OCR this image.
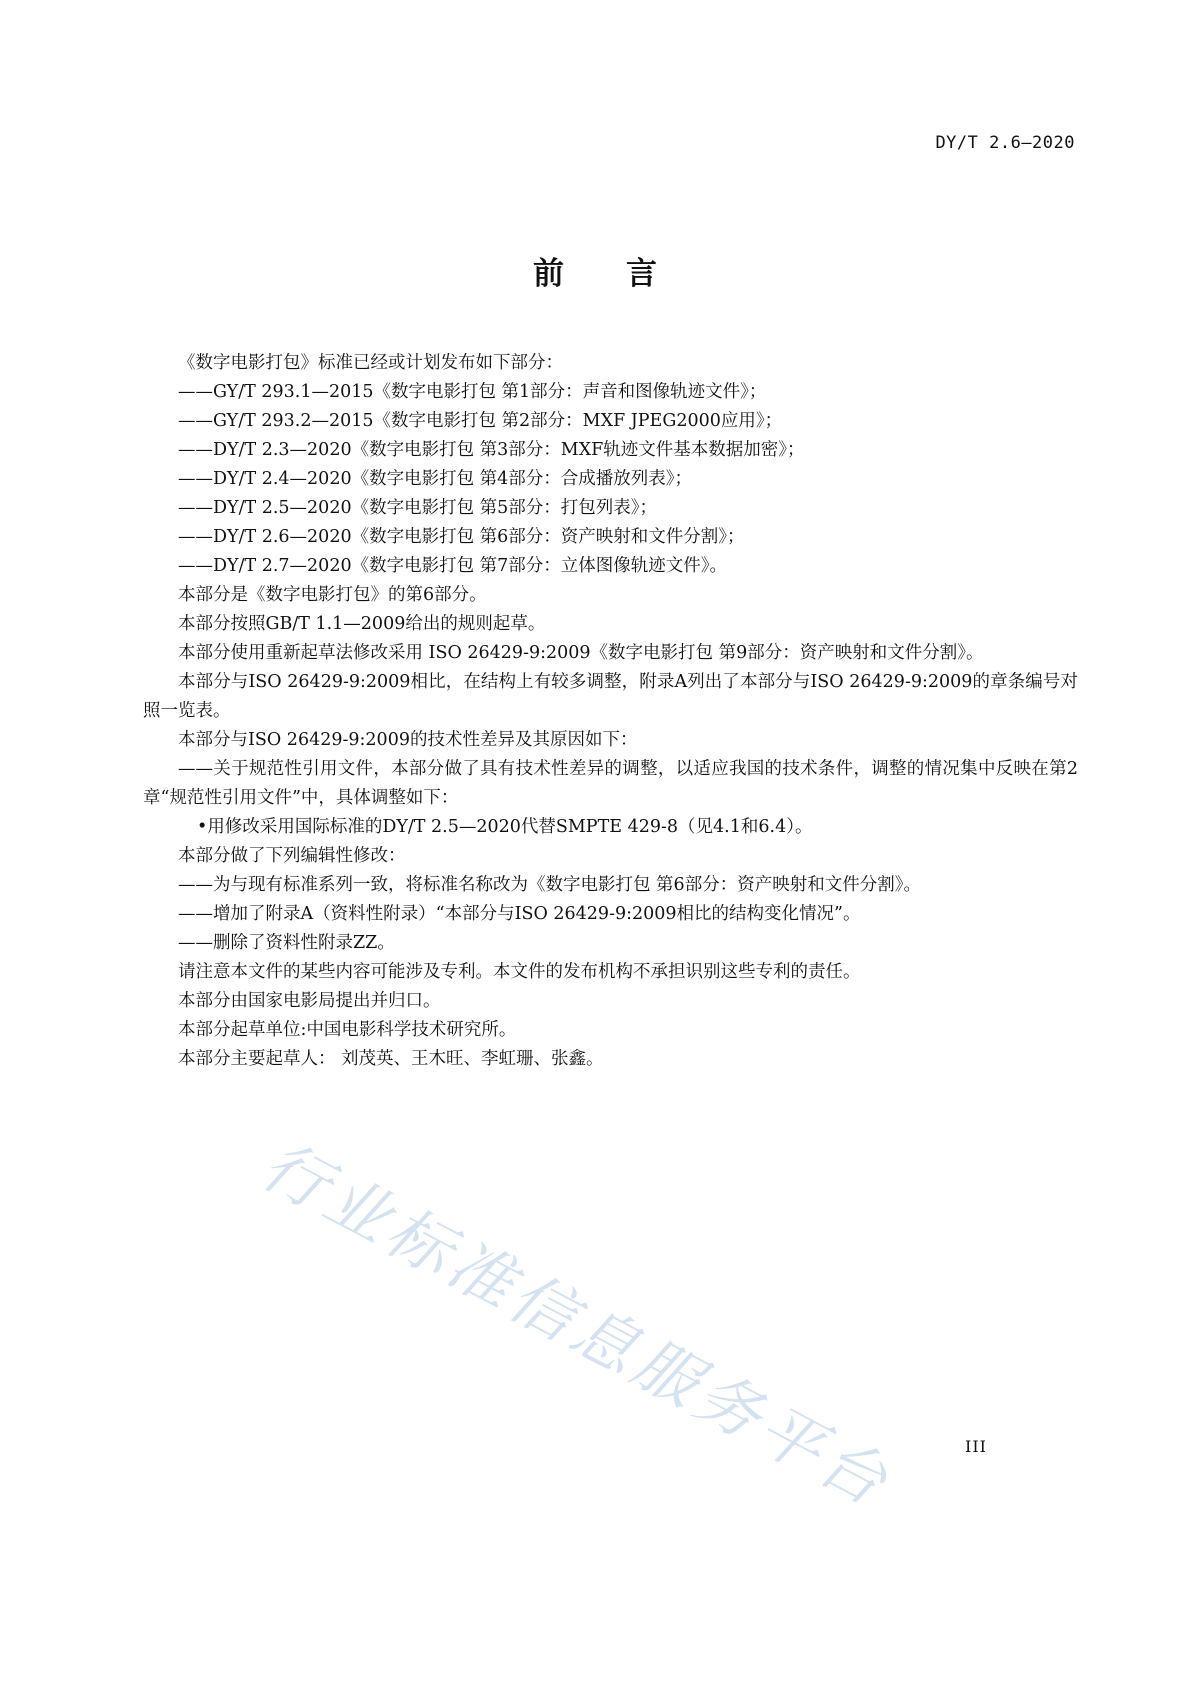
DY/T 2.6—2020
前　　言

《数字电影打包》标准已经或计划发布如下部分：

——GY/T 293.1—2015《数字电影打包 第1部分：声音和图像轨迹文件》；

——GY/T 293.2—2015《数字电影打包 第2部分：MXF JPEG2000应用》；

——DY/T 2.3—2020《数字电影打包 第3部分：MXF轨迹文件基本数据加密》；

——DY/T 2.4—2020《数字电影打包 第4部分：合成播放列表》；

——DY/T 2.5—2020《数字电影打包 第5部分：打包列表》；

——DY/T 2.6—2020《数字电影打包 第6部分：资产映射和文件分割》；

——DY/T 2.7—2020《数字电影打包 第7部分：立体图像轨迹文件》。

本部分是《数字电影打包》的第6部分。

本部分按照GB/T 1.1—2009给出的规则起草。

本部分使用重新起草法修改采用 ISO 26429-9:2009《数字电影打包 第9部分：资产映射和文件分割》。

本部分与ISO 26429-9:2009相比，在结构上有较多调整，附录A列出了本部分与ISO 26429-9:2009的章条编号对照一览表。

本部分与ISO 26429-9:2009的技术性差异及其原因如下：

——关于规范性引用文件，本部分做了具有技术性差异的调整，以适应我国的技术条件，调整的情况集中反映在第2章“规范性引用文件”中，具体调整如下：

•用修改采用国际标准的DY/T 2.5—2020代替SMPTE 429-8（见4.1和6.4）。

本部分做了下列编辑性修改：

——为与现有标准系列一致，将标准名称改为《数字电影打包 第6部分：资产映射和文件分割》。

——增加了附录A（资料性附录）“本部分与ISO 26429-9:2009相比的结构变化情况”。

——删除了资料性附录ZZ。

请注意本文件的某些内容可能涉及专利。本文件的发布机构不承担识别这些专利的责任。

本部分由国家电影局提出并归口。

本部分起草单位:中国电影科学技术研究所。

本部分主要起草人： 刘茂英、王木旺、李虹珊、张鑫。

行业标准信息服务平台	III
